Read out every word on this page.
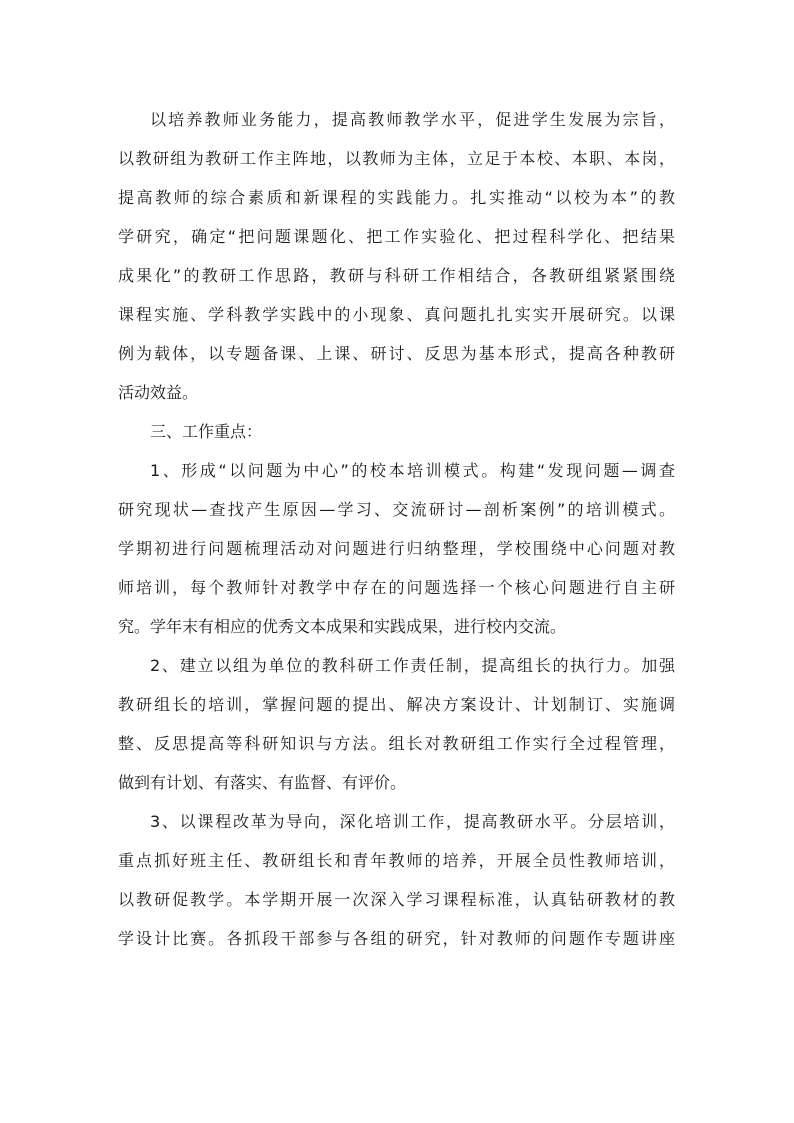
以培养教师业务能力，提高教师教学水平，促进学生发展为宗旨，
以教研组为教研工作主阵地，以教师为主体，立足于本校、本职、本岗，
提高教师的综合素质和新课程的实践能力。扎实推动“以校为本”的教
学研究，确定“把问题课题化、把工作实验化、把过程科学化、把结果
成果化”的教研工作思路，教研与科研工作相结合，各教研组紧紧围绕
课程实施、学科教学实践中的小现象、真问题扎扎实实开展研究。以课
例为载体，以专题备课、上课、研讨、反思为基本形式，提高各种教研
活动效益。
三、工作重点：
1、形成“以问题为中心”的校本培训模式。构建“发现问题—调查
研究现状—查找产生原因—学习、交流研讨—剖析案例”的培训模式。
学期初进行问题梳理活动对问题进行归纳整理，学校围绕中心问题对教
师培训，每个教师针对教学中存在的问题选择一个核心问题进行自主研
究。学年末有相应的优秀文本成果和实践成果，进行校内交流。
2、建立以组为单位的教科研工作责任制，提高组长的执行力。加强
教研组长的培训，掌握问题的提出、解决方案设计、计划制订、实施调
整、反思提高等科研知识与方法。组长对教研组工作实行全过程管理，
做到有计划、有落实、有监督、有评价。
3、以课程改革为导向，深化培训工作，提高教研水平。分层培训，
重点抓好班主任、教研组长和青年教师的培养，开展全员性教师培训，
以教研促教学。本学期开展一次深入学习课程标准，认真钻研教材的教
学设计比赛。各抓段干部参与各组的研究，针对教师的问题作专题讲座
